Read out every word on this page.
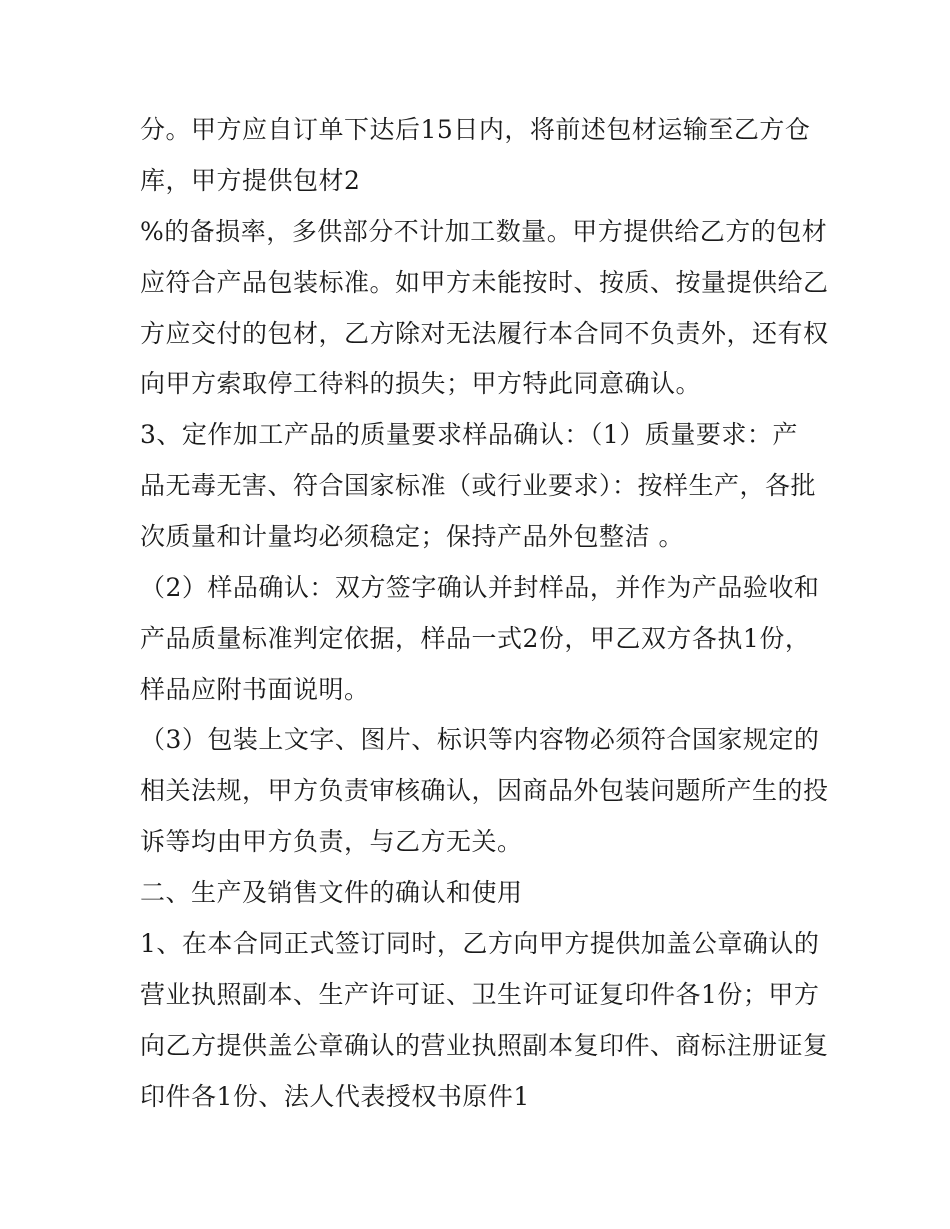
分。甲方应自订单下达后15日内，将前述包材运输至乙方仓
库，甲方提供包材2
%的备损率，多供部分不计加工数量。甲方提供给乙方的包材
应符合产品包装标准。如甲方未能按时、按质、按量提供给乙
方应交付的包材，乙方除对无法履行本合同不负责外，还有权
向甲方索取停工待料的损失；甲方特此同意确认。
3、定作加工产品的质量要求样品确认：（1）质量要求：产
品无毒无害、符合国家标准（或行业要求）：按样生产，各批
次质量和计量均必须稳定；保持产品外包整洁 。
（2）样品确认：双方签字确认并封样品，并作为产品验收和
产品质量标准判定依据，样品一式2份，甲乙双方各执1份，
样品应附书面说明。
（3）包装上文字、图片、标识等内容物必须符合国家规定的
相关法规，甲方负责审核确认，因商品外包装问题所产生的投
诉等均由甲方负责，与乙方无关。
二、生产及销售文件的确认和使用
1、在本合同正式签订同时，乙方向甲方提供加盖公章确认的
营业执照副本、生产许可证、卫生许可证复印件各1份；甲方
向乙方提供盖公章确认的营业执照副本复印件、商标注册证复
印件各1份、法人代表授权书原件1
